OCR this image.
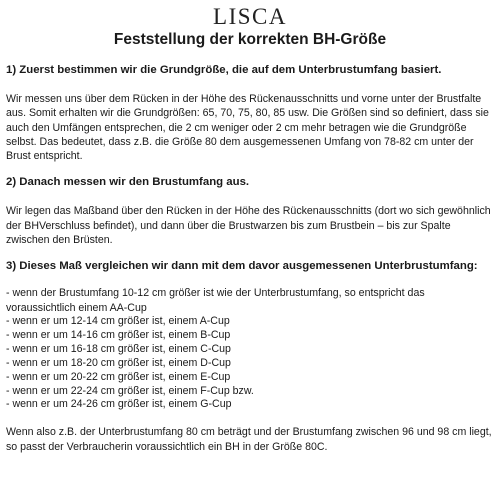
LISCA
Feststellung der korrekten BH-Größe
1) Zuerst bestimmen wir die Grundgröße, die auf dem Unterbrustumfang basiert.
Wir messen uns über dem Rücken in der Höhe des Rückenausschnitts und vorne unter der Brustfalte aus. Somit erhalten wir die Grundgrößen: 65, 70, 75, 80, 85 usw. Die Größen sind so definiert, dass sie auch den Umfängen entsprechen, die 2 cm weniger oder 2 cm mehr betragen wie die Grundgröße selbst. Das bedeutet, dass z.B. die Größe 80 dem ausgemessenen Umfang von 78-82 cm unter der Brust entspricht.
2) Danach messen wir den Brustumfang aus.
Wir legen das Maßband über den Rücken in der Höhe des Rückenausschnitts (dort wo sich gewöhnlich der BHVerschluss befindet), und dann über die Brustwarzen bis zum Brustbein – bis zur Spalte zwischen den Brüsten.
3) Dieses Maß vergleichen wir dann mit dem davor ausgemessenen Unterbrustumfang:
- wenn der Brustumfang 10-12 cm größer ist wie der Unterbrustumfang, so entspricht das voraussichtlich einem AA-Cup
- wenn er um 12-14 cm größer ist, einem A-Cup
- wenn er um 14-16 cm größer ist, einem B-Cup
- wenn er um 16-18 cm größer ist, einem C-Cup
- wenn er um 18-20 cm größer ist, einem D-Cup
- wenn er um 20-22 cm größer ist, einem E-Cup
- wenn er um 22-24 cm größer ist, einem F-Cup bzw.
- wenn er um 24-26 cm größer ist, einem G-Cup
Wenn also z.B. der Unterbrustumfang 80 cm beträgt und der Brustumfang zwischen 96 und 98 cm liegt, so passt der Verbraucherin voraussichtlich ein BH in der Größe 80C.
